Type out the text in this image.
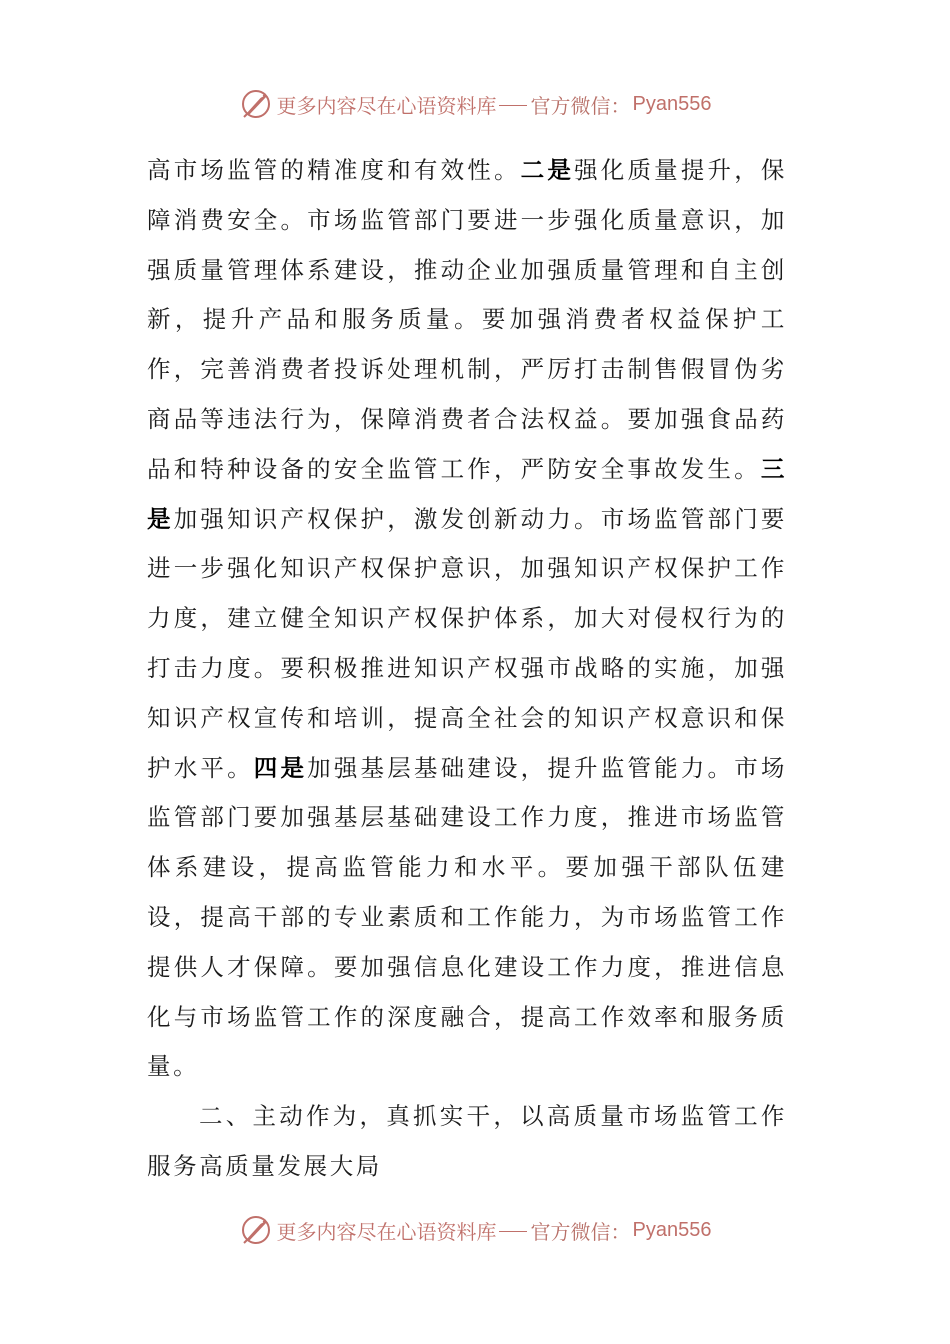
更多内容尽在心语资料库 官方微信： Pyan556

高市场监管的精准度和有效性。二是强化质量提升，保障消费安全。市场监管部门要进一步强化质量意识，加强质量管理体系建设，推动企业加强质量管理和自主创新，提升产品和服务质量。要加强消费者权益保护工作，完善消费者投诉处理机制，严厉打击制售假冒伪劣商品等违法行为，保障消费者合法权益。要加强食品药品和特种设备的安全监管工作，严防安全事故发生。三是加强知识产权保护，激发创新动力。市场监管部门要进一步强化知识产权保护意识，加强知识产权保护工作力度，建立健全知识产权保护体系，加大对侵权行为的打击力度。要积极推进知识产权强市战略的实施，加强知识产权宣传和培训，提高全社会的知识产权意识和保护水平。四是加强基层基础建设，提升监管能力。市场监管部门要加强基层基础建设工作力度，推进市场监管体系建设，提高监管能力和水平。要加强干部队伍建设，提高干部的专业素质和工作能力，为市场监管工作提供人才保障。要加强信息化建设工作力度，推进信息化与市场监管工作的深度融合，提高工作效率和服务质量。

二、主动作为，真抓实干，以高质量市场监管工作服务高质量发展大局

更多内容尽在心语资料库 官方微信： Pyan556
